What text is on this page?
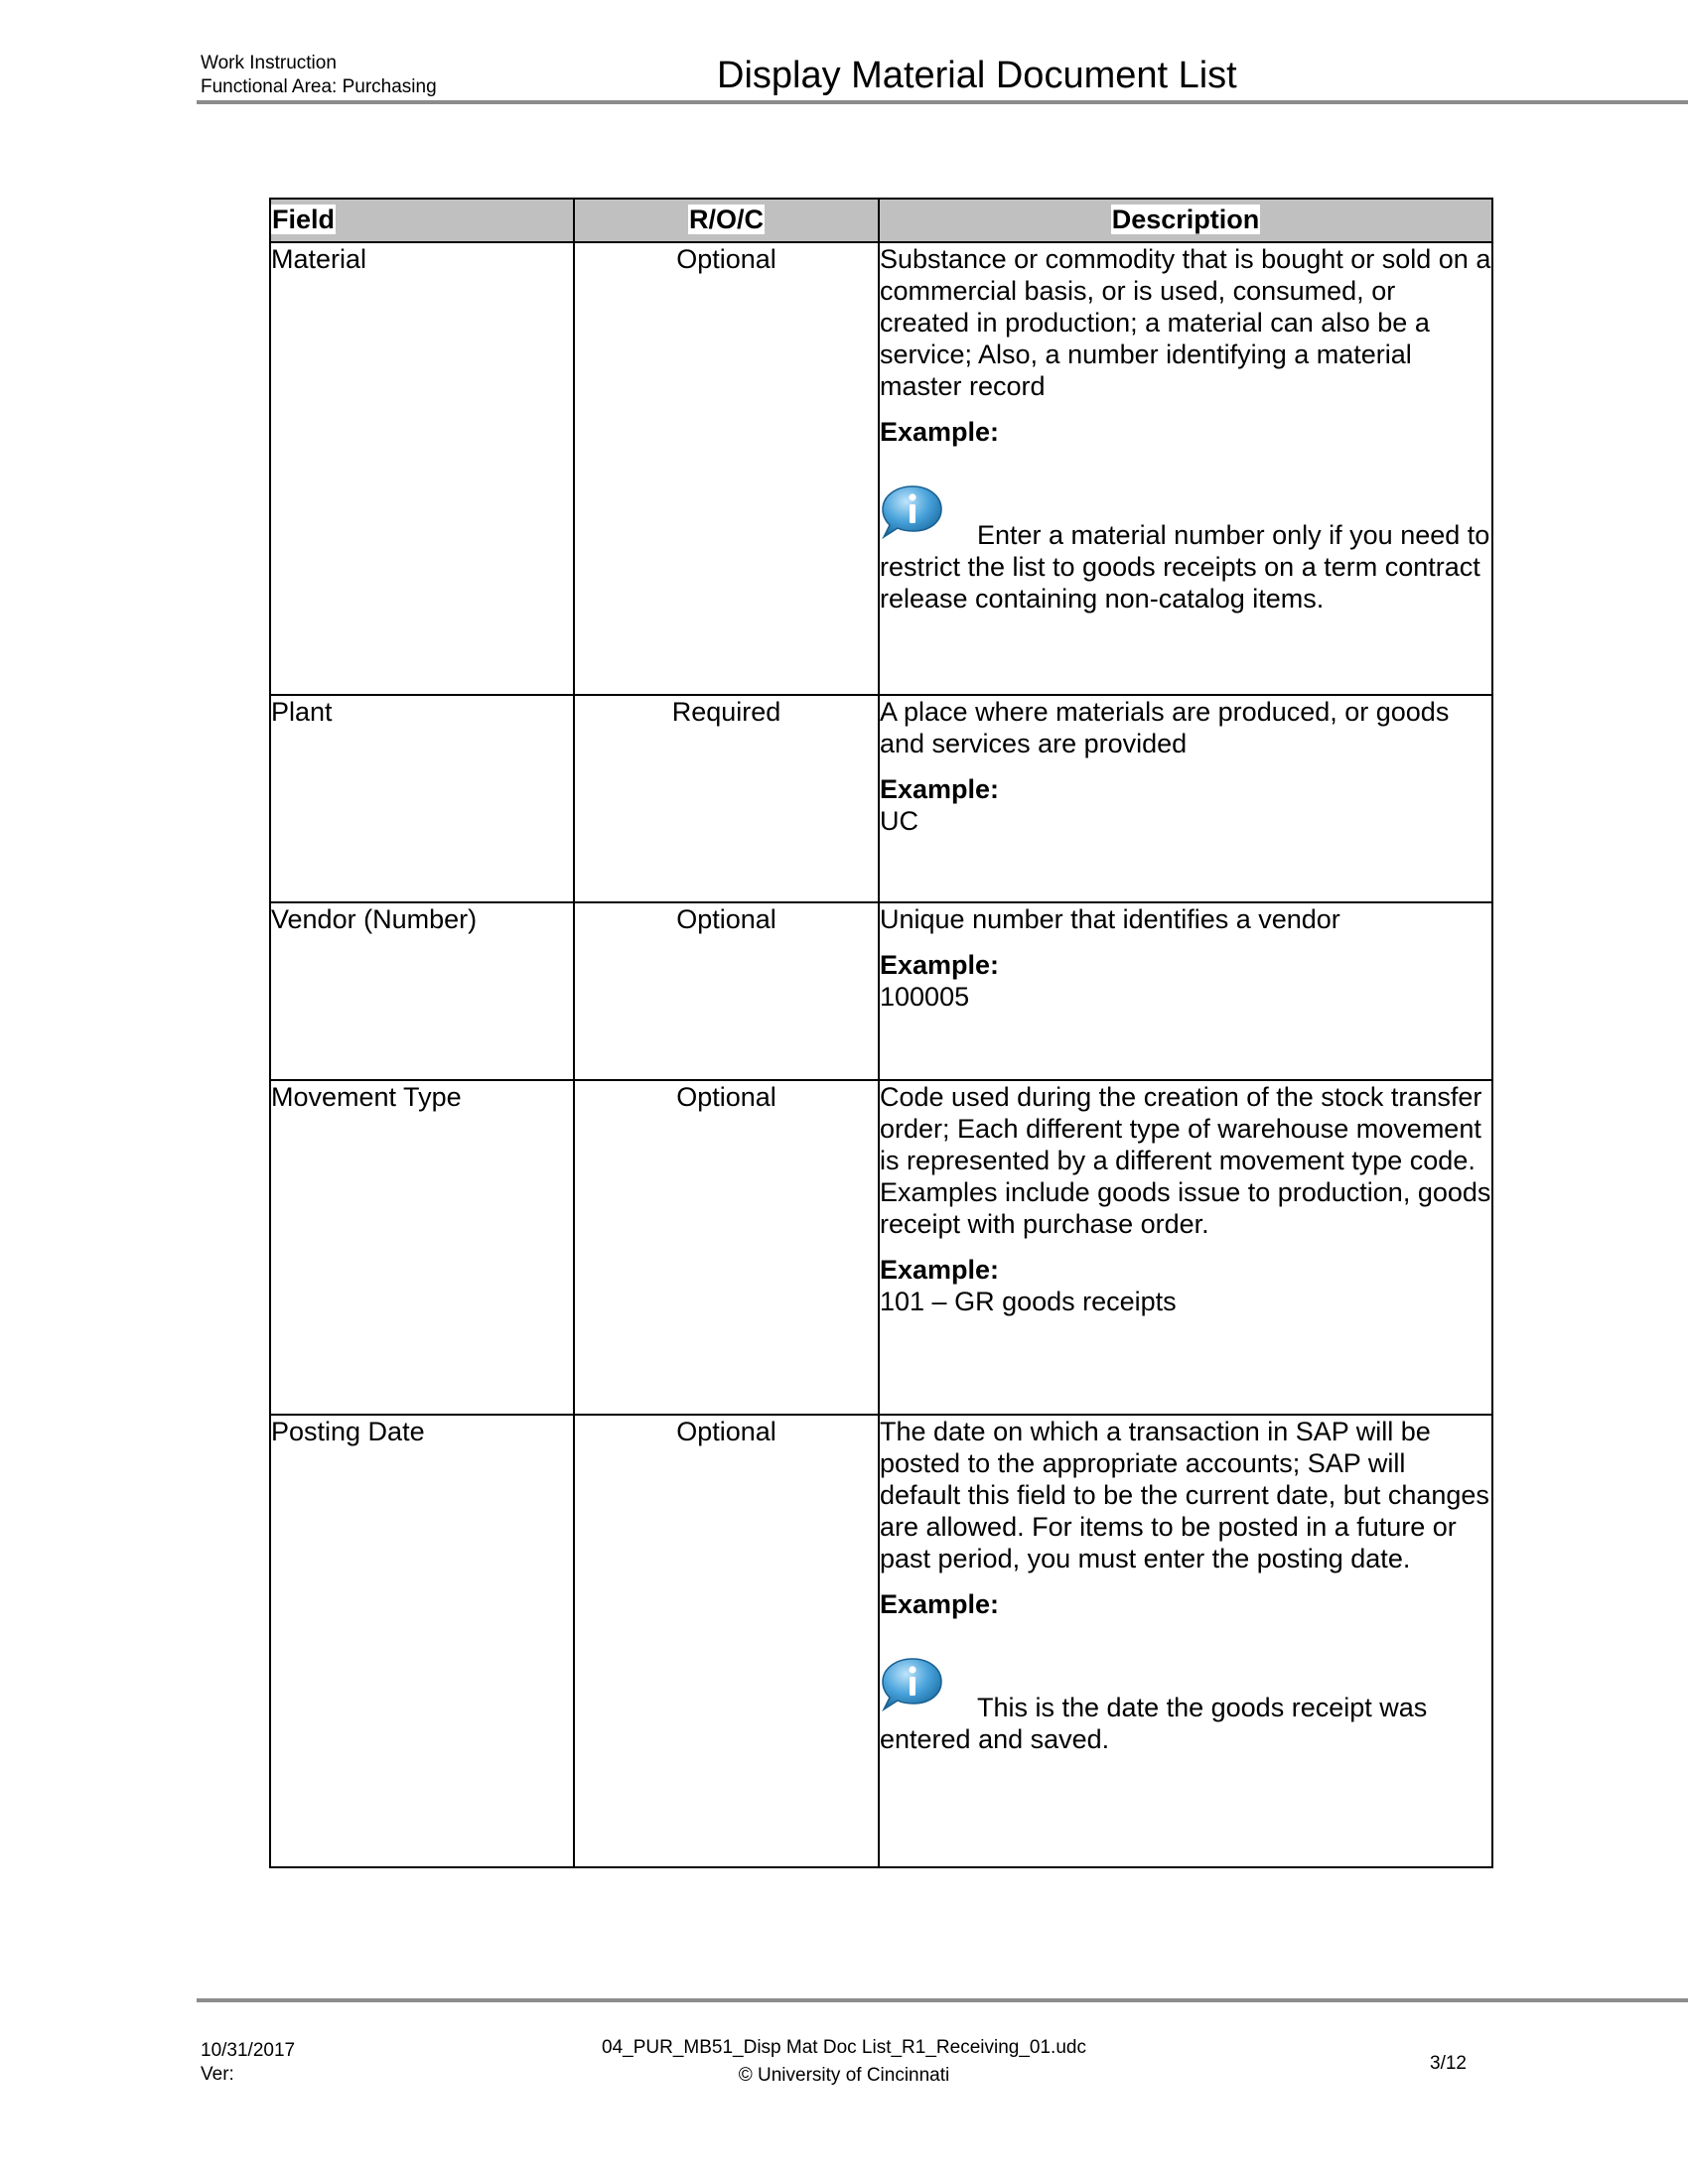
Work Instruction
Functional Area: Purchasing	Display Material Document List
Field	R/O/C	Description
Material	Optional	Substance or commodity that is bought or sold on a commercial basis, or is used, consumed, or created in production; a material can also be a service; Also, a number identifying a material master record
Example:
Enter a material number only if you need to restrict the list to goods receipts on a term contract release containing non-catalog items.

Plant	Required	A place where materials are produced, or goods and services are provided
Example:
UC

Vendor (Number)	Optional	Unique number that identifies a vendor
Example:
100005

Movement Type	Optional	Code used during the creation of the stock transfer order; Each different type of warehouse movement is represented by a different movement type code. Examples include goods issue to production, goods receipt with purchase order.
Example:
101 – GR goods receipts

Posting Date	Optional	The date on which a transaction in SAP will be posted to the appropriate accounts; SAP will default this field to be the current date, but changes are allowed. For items to be posted in a future or past period, you must enter the posting date.
Example:
This is the date the goods receipt was entered and saved.
10/31/2017
Ver:
04_PUR_MB51_Disp Mat Doc List_R1_Receiving_01.udc
© University of Cincinnati
3/12
